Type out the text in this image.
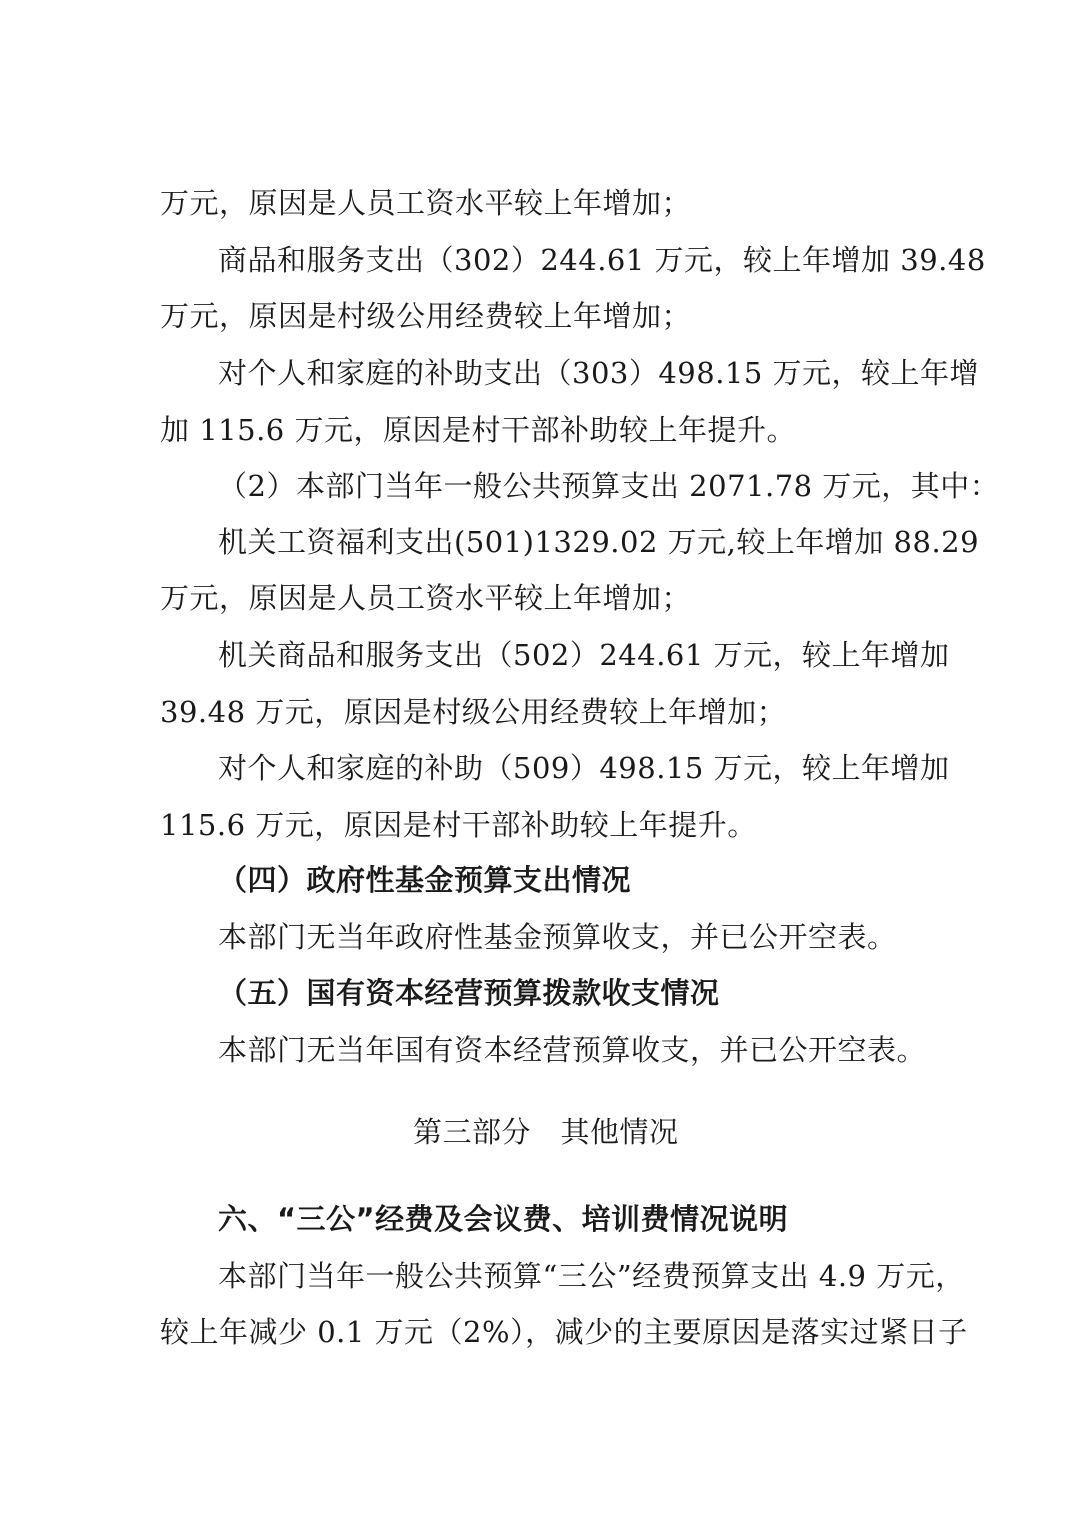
万元，原因是人员工资水平较上年增加；
商品和服务支出（302）244.61 万元，较上年增加 39.48
万元，原因是村级公用经费较上年增加；
对个人和家庭的补助支出（303）498.15 万元，较上年增
加 115.6 万元，原因是村干部补助较上年提升。
（2）本部门当年一般公共预算支出 2071.78 万元，其中：
机关工资福利支出(501)1329.02 万元,较上年增加 88.29
万元，原因是人员工资水平较上年增加；
机关商品和服务支出（502）244.61 万元，较上年增加
39.48 万元，原因是村级公用经费较上年增加；
对个人和家庭的补助（509）498.15 万元，较上年增加
115.6 万元，原因是村干部补助较上年提升。
（四）政府性基金预算支出情况
本部门无当年政府性基金预算收支，并已公开空表。
（五）国有资本经营预算拨款收支情况
本部门无当年国有资本经营预算收支，并已公开空表。
第三部分　其他情况
六、“三公”经费及会议费、培训费情况说明
本部门当年一般公共预算“三公”经费预算支出 4.9 万元，
较上年减少 0.1 万元（2%），减少的主要原因是落实过紧日子
